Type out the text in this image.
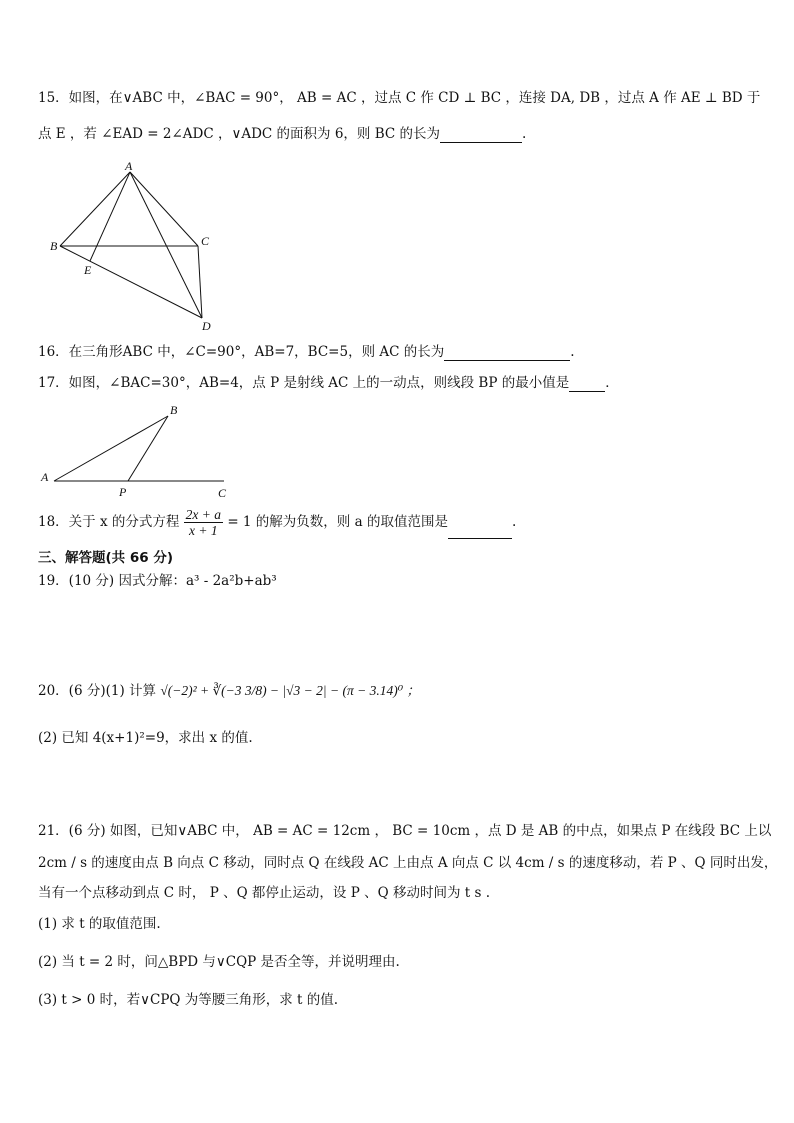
15．如图，在∨ABC 中，∠BAC = 90°， AB = AC ，过点 C 作 CD ⊥ BC ，连接 DA, DB ，过点 A 作 AE ⊥ BD 于
点 E ，若 ∠EAD = 2∠ADC ，∨ADC 的面积为 6，则 BC 的长为	.
A
B	C
D
E
16．在三角形ABC 中，∠C=90°，AB=7，BC=5，则 AC 的长为	.
17．如图，∠BAC=30°，AB=4，点 P 是射线 AC 上的一动点，则线段 BP 的最小值是	．
A
B
P	C
18．关于 x 的分式方程 $\frac{2x + a}{x + 1} = 1$ 的解为负数，则 a 的取值范围是	.
三、解答题(共 66 分)
19．(10 分) 因式分解：a³ - 2a²b+ab³
20．(6 分)(1) 计算 √(−2)² + ∛(−3 3/8) − |√3 − 2| − (π − 3.14)⁰ ；
(2) 已知 4(x+1)²=9，求出 x 的值.
21．(6 分) 如图，已知∨ABC 中， AB = AC = 12cm ， BC = 10cm ，点 D 是 AB 的中点，如果点 P 在线段 BC 上以
2cm / s 的速度由点 B 向点 C 移动，同时点 Q 在线段 AC 上由点 A 向点 C 以 4cm / s 的速度移动，若 P 、Q 同时出发，
当有一个点移动到点 C 时， P 、Q 都停止运动，设 P 、Q 移动时间为 t s .
(1) 求 t 的取值范围.
(2) 当 t = 2 时，问△BPD 与∨CQP 是否全等，并说明理由.
(3) t > 0 时，若∨CPQ 为等腰三角形，求 t 的值.
